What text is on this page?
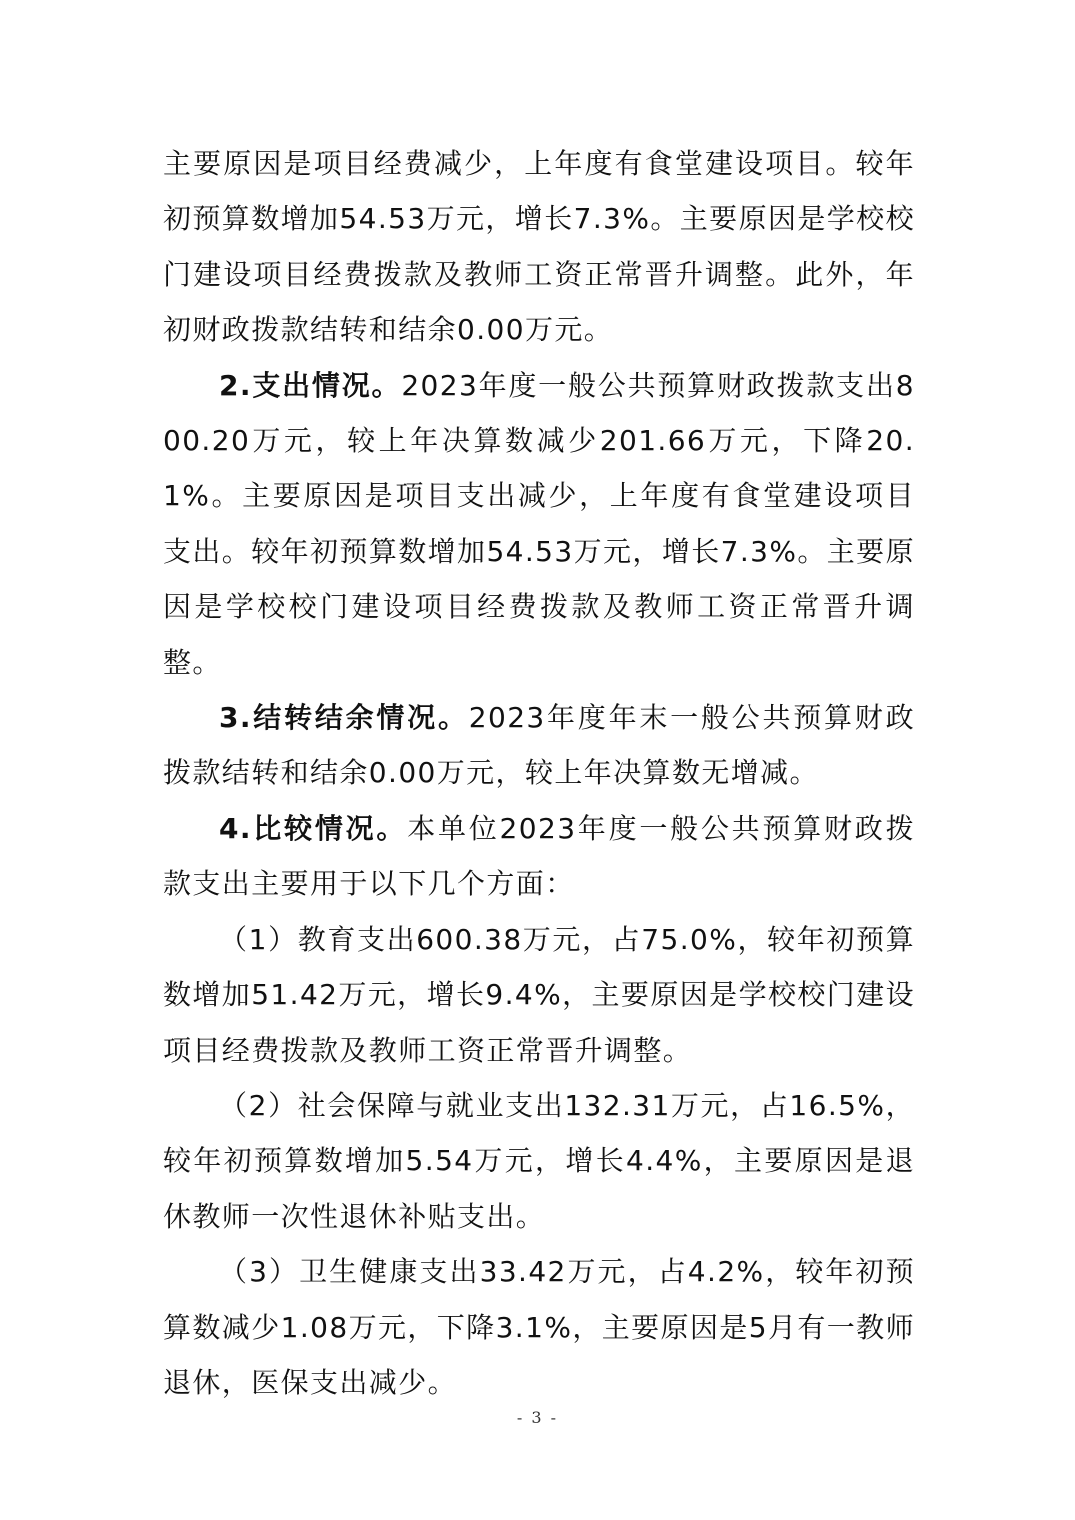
主要原因是项目经费减少，上年度有食堂建设项目。较年初预算数增加54.53万元，增长7.3%。主要原因是学校校门建设项目经费拨款及教师工资正常晋升调整。此外，年初财政拨款结转和结余0.00万元。

2.支出情况。2023年度一般公共预算财政拨款支出800.20万元，较上年决算数减少201.66万元，下降20.1%。主要原因是项目支出减少，上年度有食堂建设项目支出。较年初预算数增加54.53万元，增长7.3%。主要原因是学校校门建设项目经费拨款及教师工资正常晋升调整。

3.结转结余情况。2023年度年末一般公共预算财政拨款结转和结余0.00万元，较上年决算数无增减。

4.比较情况。本单位2023年度一般公共预算财政拨款支出主要用于以下几个方面：

（1）教育支出600.38万元，占75.0%，较年初预算数增加51.42万元，增长9.4%，主要原因是学校校门建设项目经费拨款及教师工资正常晋升调整。

（2）社会保障与就业支出132.31万元，占16.5%，较年初预算数增加5.54万元，增长4.4%，主要原因是退休教师一次性退休补贴支出。

（3）卫生健康支出33.42万元，占4.2%，较年初预算数减少1.08万元，下降3.1%，主要原因是5月有一教师退休，医保支出减少。

- 3 -
